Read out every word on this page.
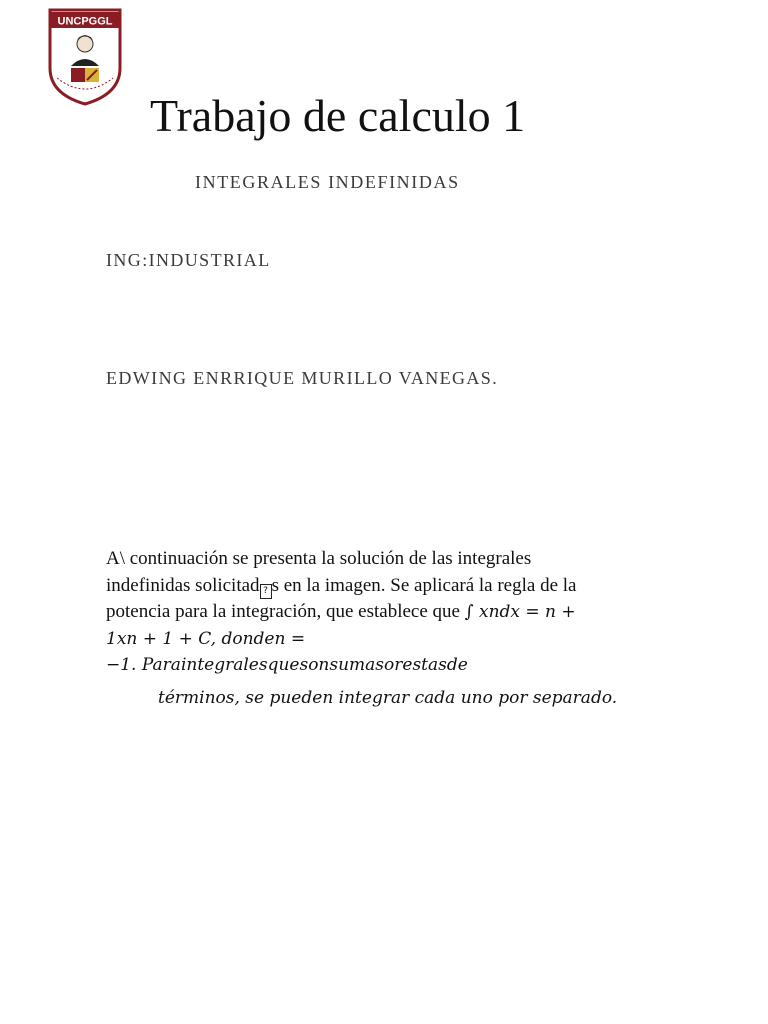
UNCPGGL
Trabajo de calculo 1
INTEGRALES INDEFINIDAS
ING:INDUSTRIAL
EDWING ENRRIQUE MURILLO VANEGAS.
A\ continuación se presenta la solución de las integrales
indefinidas solicitad ? s en la imagen. Se aplicará la regla de la
potencia para la integración, que establece que ∫ xndx = n +
1xn + 1 + C, donden =
−1. Paraintegralesquesonsumasorestasde
términos, se pueden integrar cada uno por separado.
